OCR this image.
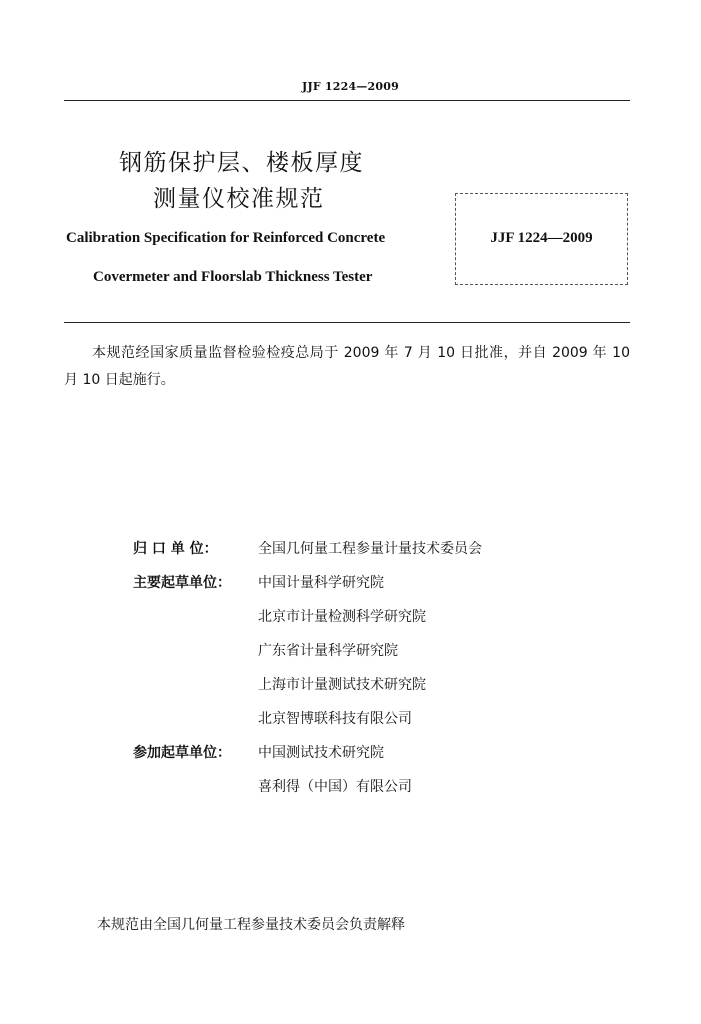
JJF 1224—2009
钢筋保护层、楼板厚度
测量仪校准规范
Calibration Specification for Reinforced Concrete
Covermeter and Floorslab Thickness Tester
JJF 1224—2009
本规范经国家质量监督检验检疫总局于 2009 年 7 月 10 日批准，并自 2009 年 10 月 10 日起施行。
归 口 单 位：	全国几何量工程参量计量技术委员会
主要起草单位：	中国计量科学研究院
北京市计量检测科学研究院
广东省计量科学研究院
上海市计量测试技术研究院
北京智博联科技有限公司
参加起草单位：	中国测试技术研究院
喜利得（中国）有限公司
本规范由全国几何量工程参量技术委员会负责解释
